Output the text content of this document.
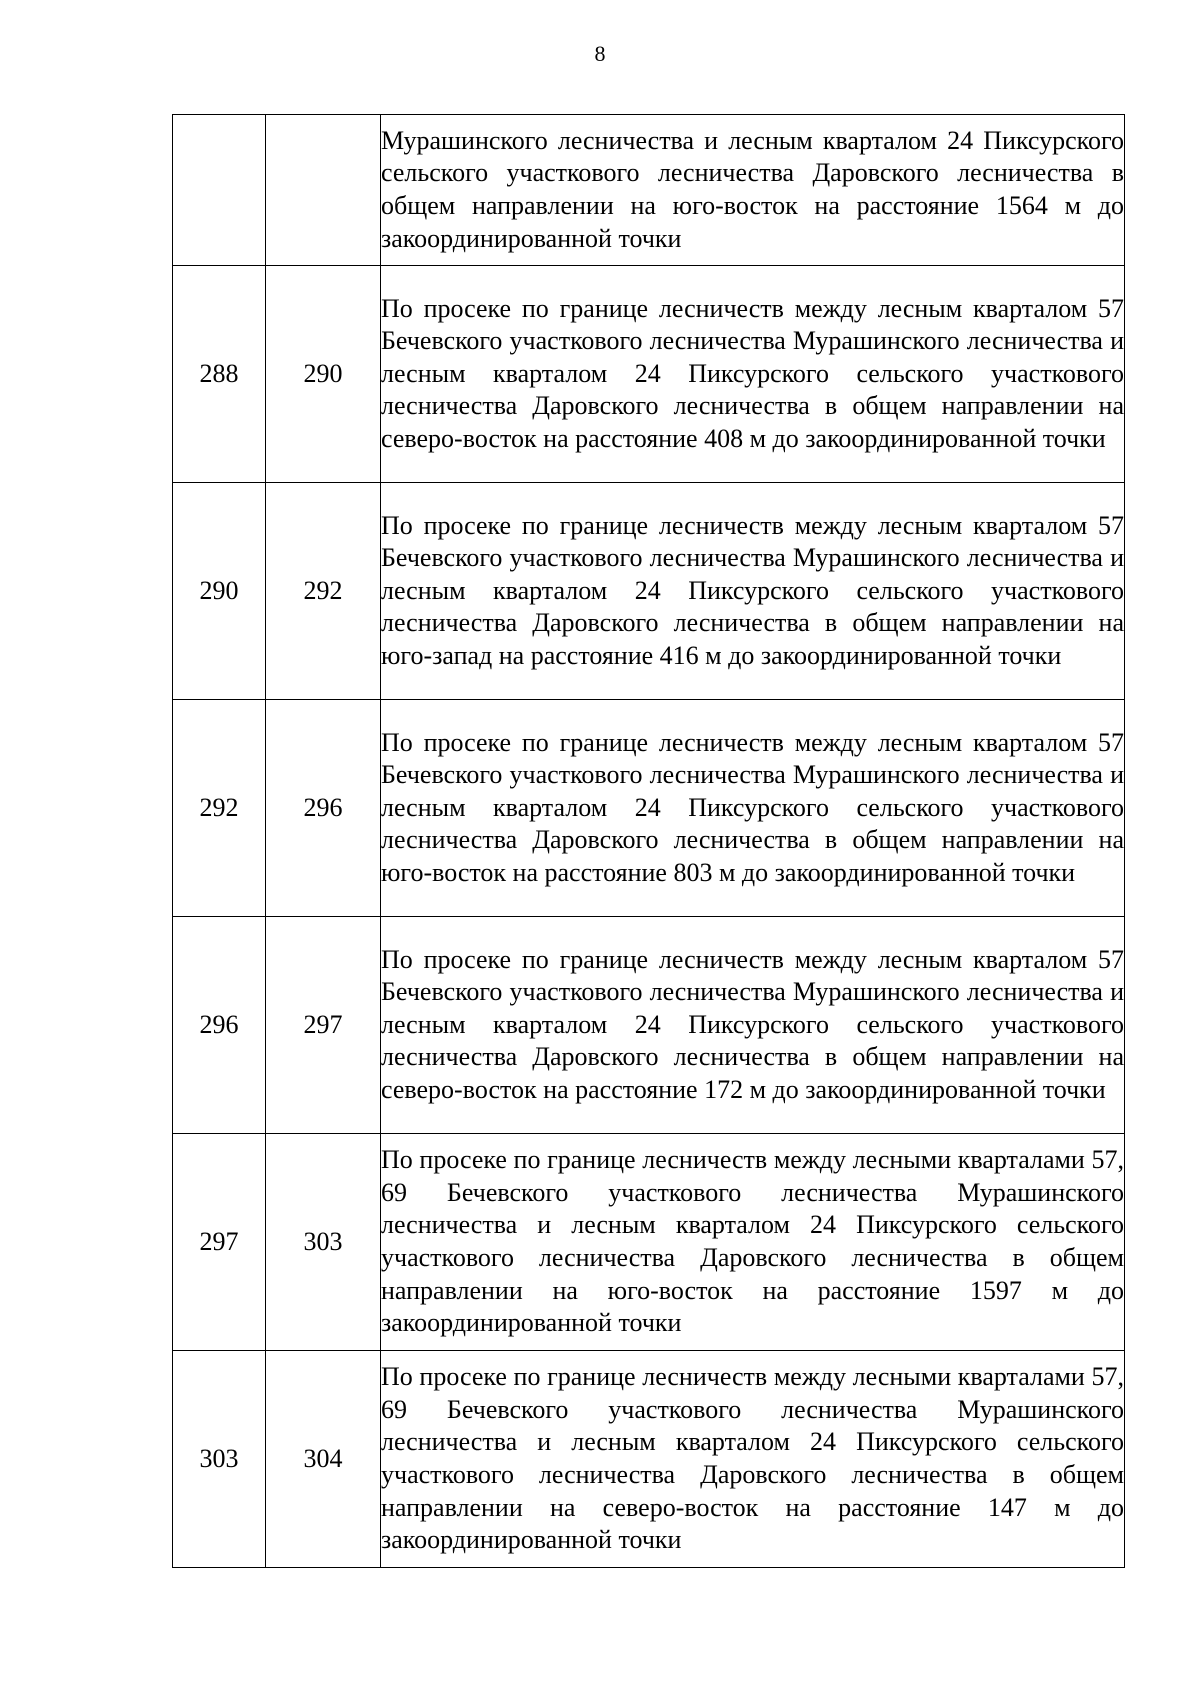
8
		Мурашинского лесничества и лесным кварталом 24 Пиксурского сельского участкового лесничества Даровского лесничества в общем направлении на юго-восток на расстояние 1564 м до закоординированной точки
288	290	По просеке по границе лесничеств между лесным кварталом 57 Бечевского участкового лесничества Мурашинского лесничества и лесным кварталом 24 Пиксурского сельского участкового лесничества Даровского лесничества в общем направлении на северо-восток на расстояние 408 м до закоординированной точки
290	292	По просеке по границе лесничеств между лесным кварталом 57 Бечевского участкового лесничества Мурашинского лесничества и лесным кварталом 24 Пиксурского сельского участкового лесничества Даровского лесничества в общем направлении на юго-запад на расстояние 416 м до закоординированной точки
292	296	По просеке по границе лесничеств между лесным кварталом 57 Бечевского участкового лесничества Мурашинского лесничества и лесным кварталом 24 Пиксурского сельского участкового лесничества Даровского лесничества в общем направлении на юго-восток на расстояние 803 м до закоординированной точки
296	297	По просеке по границе лесничеств между лесным кварталом 57 Бечевского участкового лесничества Мурашинского лесничества и лесным кварталом 24 Пиксурского сельского участкового лесничества Даровского лесничества в общем направлении на северо-восток на расстояние 172 м до закоординированной точки
297	303	По просеке по границе лесничеств между лесными кварталами 57, 69 Бечевского участкового лесничества Мурашинского лесничества и лесным кварталом 24 Пиксурского сельского участкового лесничества Даровского лесничества в общем направлении на юго-восток на расстояние 1597 м до закоординированной точки
303	304	По просеке по границе лесничеств между лесными кварталами 57, 69 Бечевского участкового лесничества Мурашинского лесничества и лесным кварталом 24 Пиксурского сельского участкового лесничества Даровского лесничества в общем направлении на северо-восток на расстояние 147 м до закоординированной точки
